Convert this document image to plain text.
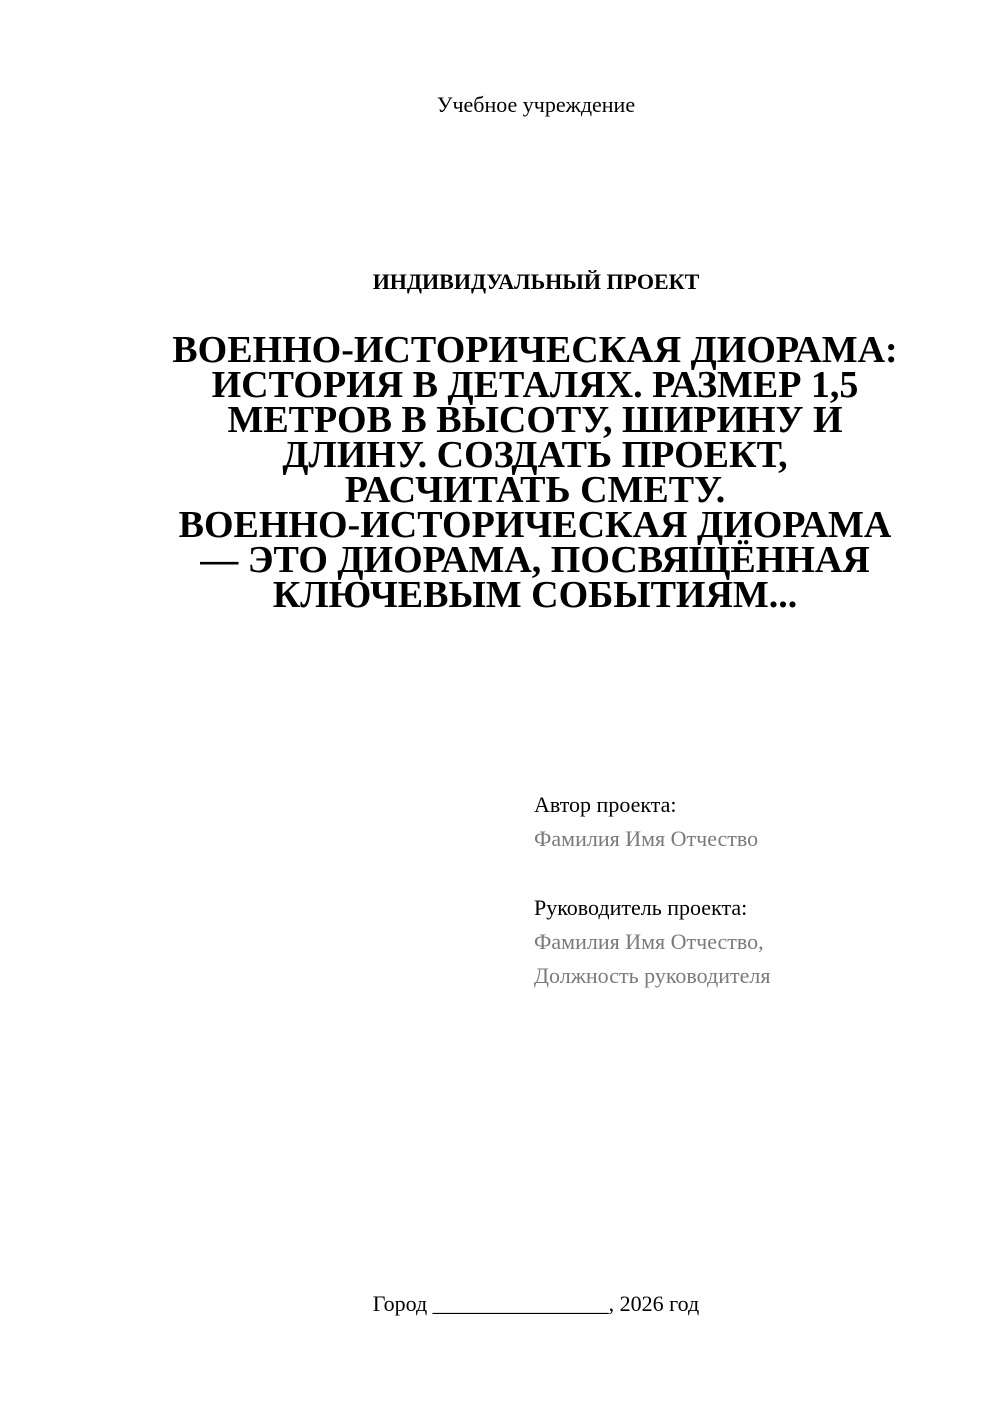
Учебное учреждение
ИНДИВИДУАЛЬНЫЙ ПРОЕКТ
ВОЕННО-ИСТОРИЧЕСКАЯ ДИОРАМА:
ИСТОРИЯ В ДЕТАЛЯХ. РАЗМЕР 1,5
МЕТРОВ В ВЫСОТУ, ШИРИНУ И
ДЛИНУ. СОЗДАТЬ ПРОЕКТ,
РАСЧИТАТЬ СМЕТУ.
ВОЕННО-ИСТОРИЧЕСКАЯ ДИОРАМА
— ЭТО ДИОРАМА, ПОСВЯЩЁННАЯ
КЛЮЧЕВЫМ СОБЫТИЯМ...
Автор проекта:
Фамилия Имя Отчество
Руководитель проекта:
Фамилия Имя Отчество,
Должность руководителя
Город ________________, 2026 год
